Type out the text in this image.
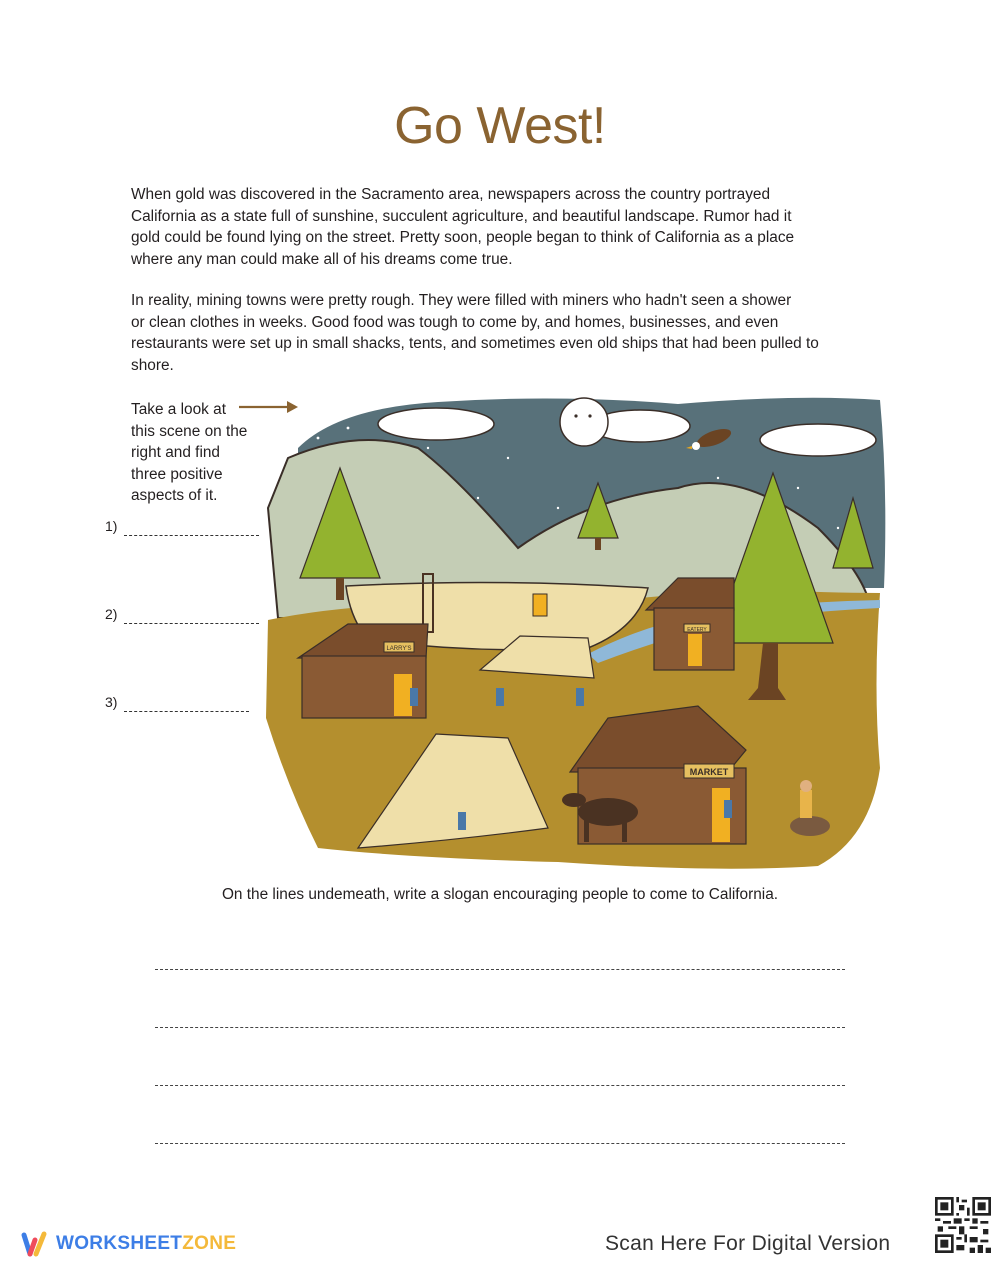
Go West!
When gold was discovered in the Sacramento area, newspapers across the country portrayed
California as a state full of sunshine, succulent agriculture, and beautiful landscape. Rumor had it
gold could be found lying on the street. Pretty soon, people began to think of California as a place
where any man could make all of his dreams come true.
In reality, mining towns were pretty rough. They were filled with miners who hadn't seen a shower
or clean clothes in weeks. Good food was tough to come by, and homes, businesses, and even
restaurants were set up in small shacks, tents, and sometimes even old ships that had been pulled to
shore.
Take a look at
this scene on the
right and find
three positive
aspects of it.
1)
2)
3)
LARRY'S
EATERY
MARKET
On the lines undemeath, write a slogan encouraging people to come to California.
WORKSHEETZONE	Scan Here For Digital Version
